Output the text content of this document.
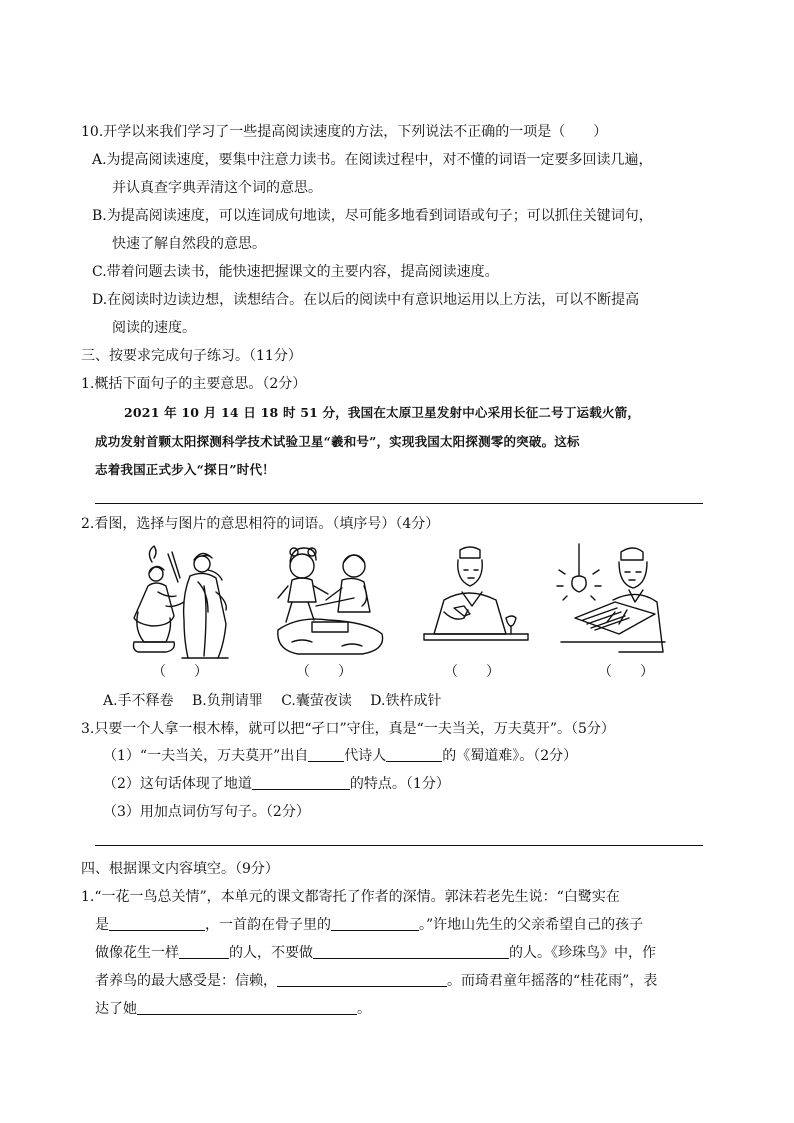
10.开学以来我们学习了一些提高阅读速度的方法，下列说法不正确的一项是（　　）
A.为提高阅读速度，要集中注意力读书。在阅读过程中，对不懂的词语一定要多回读几遍，
并认真查字典弄清这个词的意思。
B.为提高阅读速度，可以连词成句地读，尽可能多地看到词语或句子；可以抓住关键词句，
快速了解自然段的意思。
C.带着问题去读书，能快速把握课文的主要内容，提高阅读速度。
D.在阅读时边读边想，读想结合。在以后的阅读中有意识地运用以上方法，可以不断提高
阅读的速度。
三、按要求完成句子练习。（11分）
1.概括下面句子的主要意思。（2分）
2021 年 10 月 14 日 18 时 51 分，我国在太原卫星发射中心采用长征二号丁运载火箭，
成功发射首颗太阳探测科学技术试验卫星“羲和号”，实现我国太阳探测零的突破。这标
志着我国正式步入“探日”时代！
2.看图，选择与图片的意思相符的词语。（填序号）（4分）
（　　）	（　　）	（　　）	（　　）
A.手不释卷　 B.负荆请罪　 C.囊萤夜读　 D.铁杵成针
3.只要一个人拿一根木棒，就可以把“孑口”守住，真是“一夫当关，万夫莫开”。（5分）
（1）“一夫当关，万夫莫开”出自	代诗人	的《蜀道难》。（2分）
（2）这句话体现了地道	的特点。（1分）
（3）用加点词仿写句子。（2分）
四、根据课文内容填空。（9分）
1.“一花一鸟总关情”，本单元的课文都寄托了作者的深情。郭沫若老先生说：“白鹭实在
是	，一首韵在骨子里的	。”许地山先生的父亲希望自己的孩子
做像花生一样	的人，不要做	的人。《珍珠鸟》中，作
者养鸟的最大感受是：信赖，	。而琦君童年摇落的“桂花雨”，表
达了她	。
